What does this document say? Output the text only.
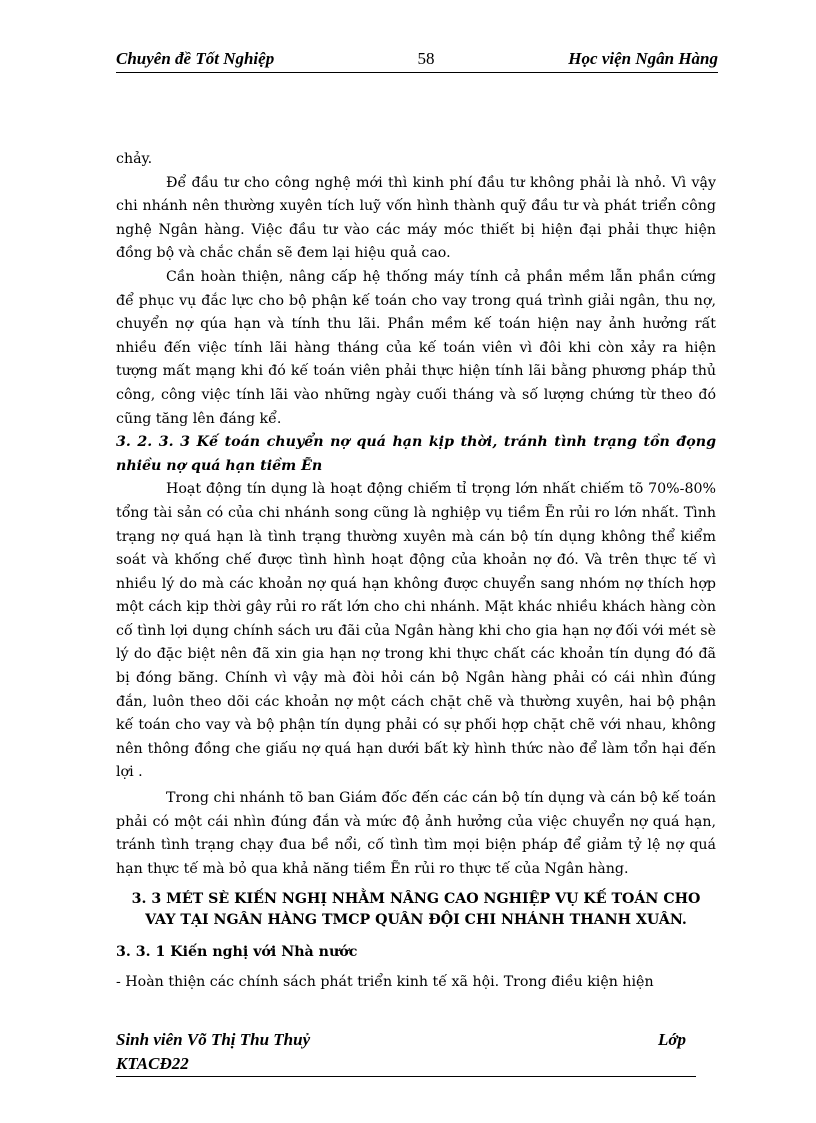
Chuyên đề Tốt Nghiệp	58	Học viện Ngân Hàng

chảy.

Để đầu tư cho công nghệ mới thì kinh phí đầu tư không phải là nhỏ. Vì vậy chi nhánh nên thường xuyên tích luỹ vốn hình thành quỹ đầu tư và phát triển công nghệ Ngân hàng. Việc đầu tư vào các máy móc thiết bị hiện đại phải thực hiện đồng bộ và chắc chắn sẽ đem lại hiệu quả cao.

Cần hoàn thiện, nâng cấp hệ thống máy tính cả phần mềm lẫn phần cứng để phục vụ đắc lực cho bộ phận kế toán cho vay trong quá trình giải ngân, thu nợ, chuyển nợ qúa hạn và tính thu lãi. Phần mềm kế toán hiện nay ảnh hưởng rất nhiều đến việc tính lãi hàng tháng của kế toán viên vì đôi khi còn xảy ra hiện tượng mất mạng khi đó kế toán viên phải thực hiện tính lãi bằng phương pháp thủ công, công việc tính lãi vào những ngày cuối tháng và số lượng chứng từ theo đó cũng tăng lên đáng kể.

3. 2. 3. 3 Kế toán chuyển nợ quá hạn kịp thời, tránh tình trạng tồn đọng nhiều nợ quá hạn tiềm Ẽn

Hoạt động tín dụng là hoạt động chiếm tỉ trọng lớn nhất chiếm tõ 70%-80% tổng tài sản có của chi nhánh song cũng là nghiệp vụ tiềm Ẽn rủi ro lớn nhất. Tình trạng nợ quá hạn là tình trạng thường xuyên mà cán bộ tín dụng không thể kiểm soát và khống chế được tình hình hoạt động của khoản nợ đó. Và trên thực tế vì nhiều lý do mà các khoản nợ quá hạn không được chuyển sang nhóm nợ thích hợp một cách kịp thời gây rủi ro rất lớn cho chi nhánh. Mặt khác nhiều khách hàng còn cố tình lợi dụng chính sách ưu đãi của Ngân hàng khi cho gia hạn nợ đối với mét sè lý do đặc biệt nên đã xin gia hạn nợ trong khi thực chất các khoản tín dụng đó đã bị đóng băng. Chính vì vậy mà đòi hỏi cán bộ Ngân hàng phải có cái nhìn đúng đắn, luôn theo dõi các khoản nợ một cách chặt chẽ và thường xuyên, hai bộ phận kế toán cho vay và bộ phận tín dụng phải có sự phối hợp chặt chẽ với nhau, không nên thông đồng che giấu nợ quá hạn dưới bất kỳ hình thức nào để làm tổn hại đến lợi .

Trong chi nhánh tõ ban Giám đốc đến các cán bộ tín dụng và cán bộ kế toán phải có một cái nhìn đúng đắn và mức độ ảnh hưởng của việc chuyển nợ quá hạn, tránh tình trạng chạy đua bề nổi, cố tình tìm mọi biện pháp để giảm tỷ lệ nợ quá hạn thực tế mà bỏ qua khả năng tiềm Ẽn rủi ro thực tế của Ngân hàng.

3. 3 MÉT SÈ KIẾN NGHỊ NHẰM NÂNG CAO NGHIỆP VỤ KẾ TOÁN CHO VAY TẠI NGÂN HÀNG TMCP QUÂN ĐỘI CHI NHÁNH THANH XUÂN.

3. 3. 1 Kiến nghị với Nhà nước

- Hoàn thiện các chính sách phát triển kinh tế xã hội. Trong điều kiện hiện

Sinh viên Võ Thị Thu Thuỷ	Lớp
KTACĐ22
